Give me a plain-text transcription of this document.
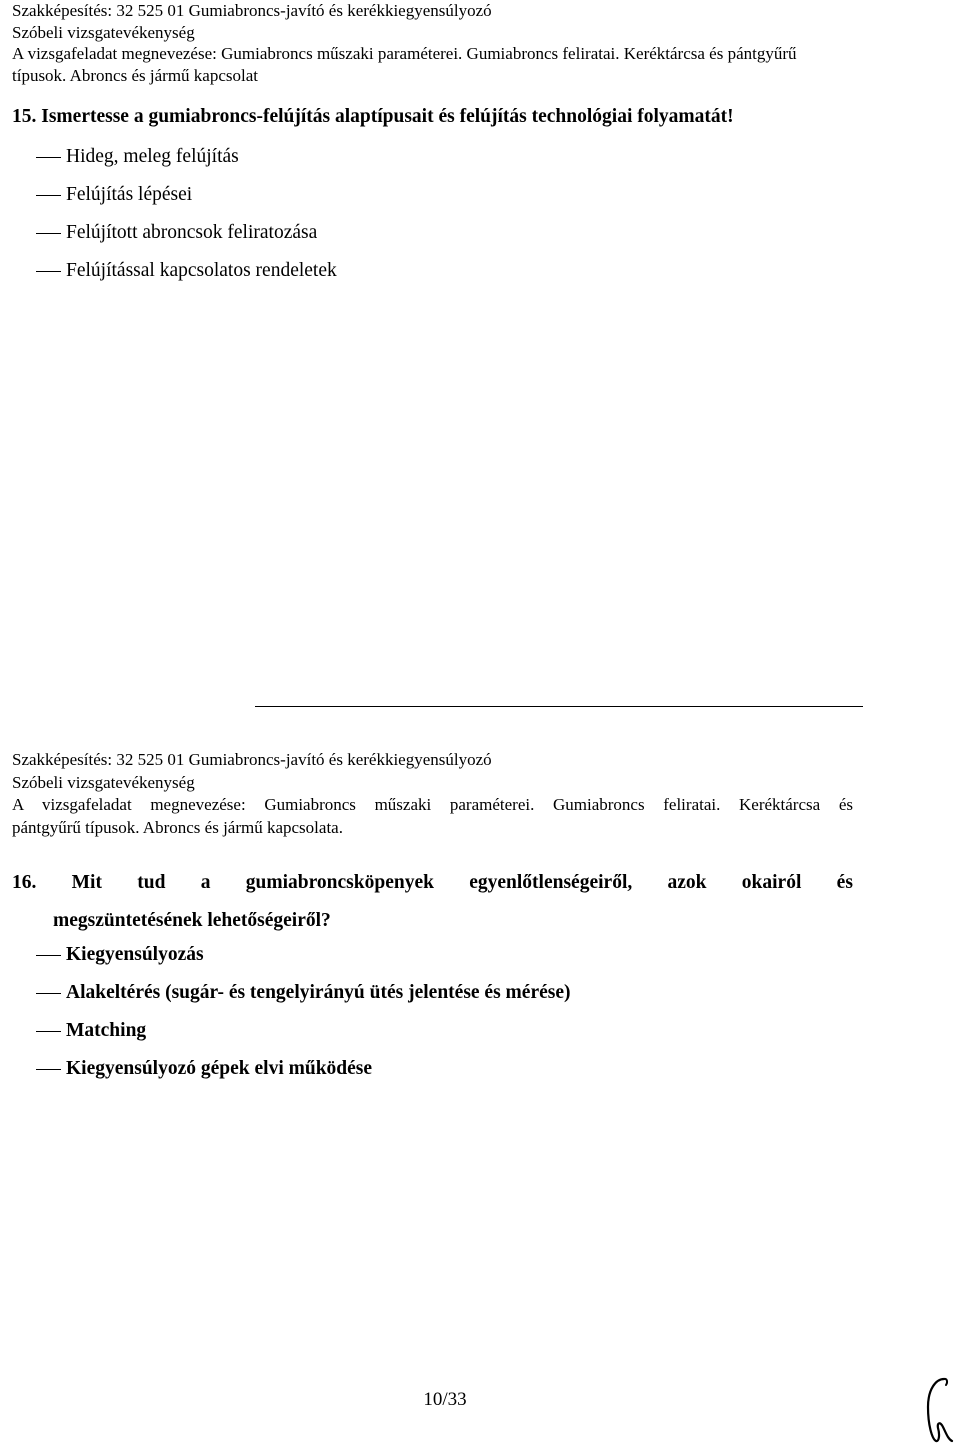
Szakképesítés: 32 525 01 Gumiabroncs-javító és kerékkiegyensúlyozó
Szóbeli vizsgatevékenység
A vizsgafeladat megnevezése: Gumiabroncs műszaki paraméterei. Gumiabroncs feliratai. Keréktárcsa és pántgyűrű
típusok. Abroncs és jármű kapcsolat
15. Ismertesse a gumiabroncs-felújítás alaptípusait és felújítás technológiai folyamatát!
Hideg, meleg felújítás
Felújítás lépései
Felújított abroncsok feliratozása
Felújítással kapcsolatos rendeletek
Szakképesítés: 32 525 01 Gumiabroncs-javító és kerékkiegyensúlyozó
Szóbeli vizsgatevékenység
A vizsgafeladat megnevezése: Gumiabroncs műszaki paraméterei. Gumiabroncs feliratai. Keréktárcsa és
pántgyűrű típusok. Abroncs és jármű kapcsolata.
16. Mit tud a gumiabroncsköpenyek egyenlőtlenségeiről, azok okairól és
megszüntetésének lehetőségeiről?
Kiegyensúlyozás
Alakeltérés (sugár- és tengelyirányú ütés jelentése és mérése)
Matching
Kiegyensúlyozó gépek elvi működése
10/33
